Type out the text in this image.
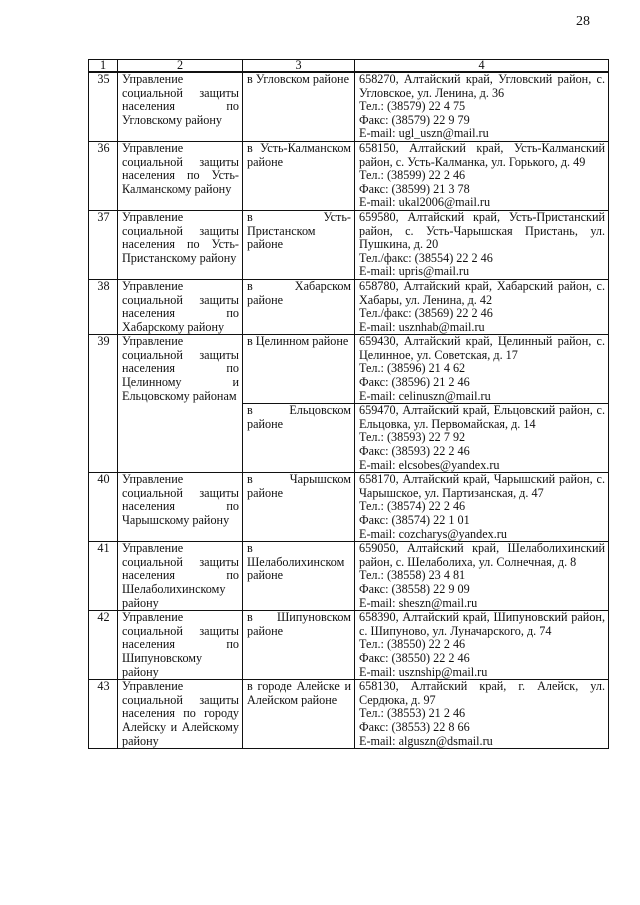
28
1	2	3	4
35	Управление социальной защиты населения по Угловскому району	в Угловском районе	658270, Алтайский край, Угловский район, с. Угловское, ул. Ленина, д. 36
Тел.: (38579) 22 4 75
Факс: (38579) 22 9 79
E-mail: ugl_uszn@mail.ru

36	Управление социальной защиты населения по Усть-Калманскому району	в Усть-Калманском районе	658150, Алтайский край, Усть-Калманский район, с. Усть-Калманка, ул. Горького, д. 49
Тел.: (38599) 22 2 46
Факс: (38599) 21 3 78
E-mail: ukal2006@mail.ru

37	Управление социальной защиты населения по Усть-Пристанскому району	в Усть-Пристанском районе	659580, Алтайский край, Усть-Пристанский район, с. Усть-Чарышская Пристань, ул. Пушкина, д. 20
Тел./факс: (38554) 22 2 46
E-mail: upris@mail.ru

38	Управление социальной защиты населения по Хабарскому району	в Хабарском районе	658780, Алтайский край, Хабарский район, с. Хабары, ул. Ленина, д. 42
Тел./факс: (38569) 22 2 46
E-mail: usznhab@mail.ru

39	Управление социальной защиты населения по Целинному и Ельцовскому районам	в Целинном районе	659430, Алтайский край, Целинный район, с. Целинное, ул. Советская, д. 17
Тел.: (38596) 21 4 62
Факс: (38596) 21 2 46
E-mail: celinuszn@mail.ru

		в Ельцовском районе	659470, Алтайский край, Ельцовский район, с. Ельцовка, ул. Первомайская, д. 14
Тел.: (38593) 22 7 92
Факс: (38593) 22 2 46
E-mail: elcsobes@yandex.ru

40	Управление социальной защиты населения по Чарышскому району	в Чарышском районе	658170, Алтайский край, Чарышский район, с. Чарышское, ул. Партизанская, д. 47
Тел.: (38574) 22 2 46
Факс: (38574) 22 1 01
E-mail: cozcharys@yandex.ru

41	Управление социальной защиты населения по Шелаболихинскому району	в Шелаболихинском районе	659050, Алтайский край, Шелаболихинский район, с. Шелаболиха, ул. Солнечная, д. 8
Тел.: (38558) 23 4 81
Факс: (38558) 22 9 09
E-mail: sheszn@mail.ru

42	Управление социальной защиты населения по Шипуновскому району	в Шипуновском районе	658390, Алтайский край, Шипуновский район, с. Шипуново, ул. Луначарского, д. 74
Тел.: (38550) 22 2 46
Факс: (38550) 22 2 46
E-mail: usznship@mail.ru

43	Управление социальной защиты населения по городу Алейску и Алейскому району	в городе Алейске и Алейском районе	658130, Алтайский край, г. Алейск, ул. Сердюка, д. 97
Тел.: (38553) 21 2 46
Факс: (38553) 22 8 66
E-mail: alguszn@dsmail.ru
